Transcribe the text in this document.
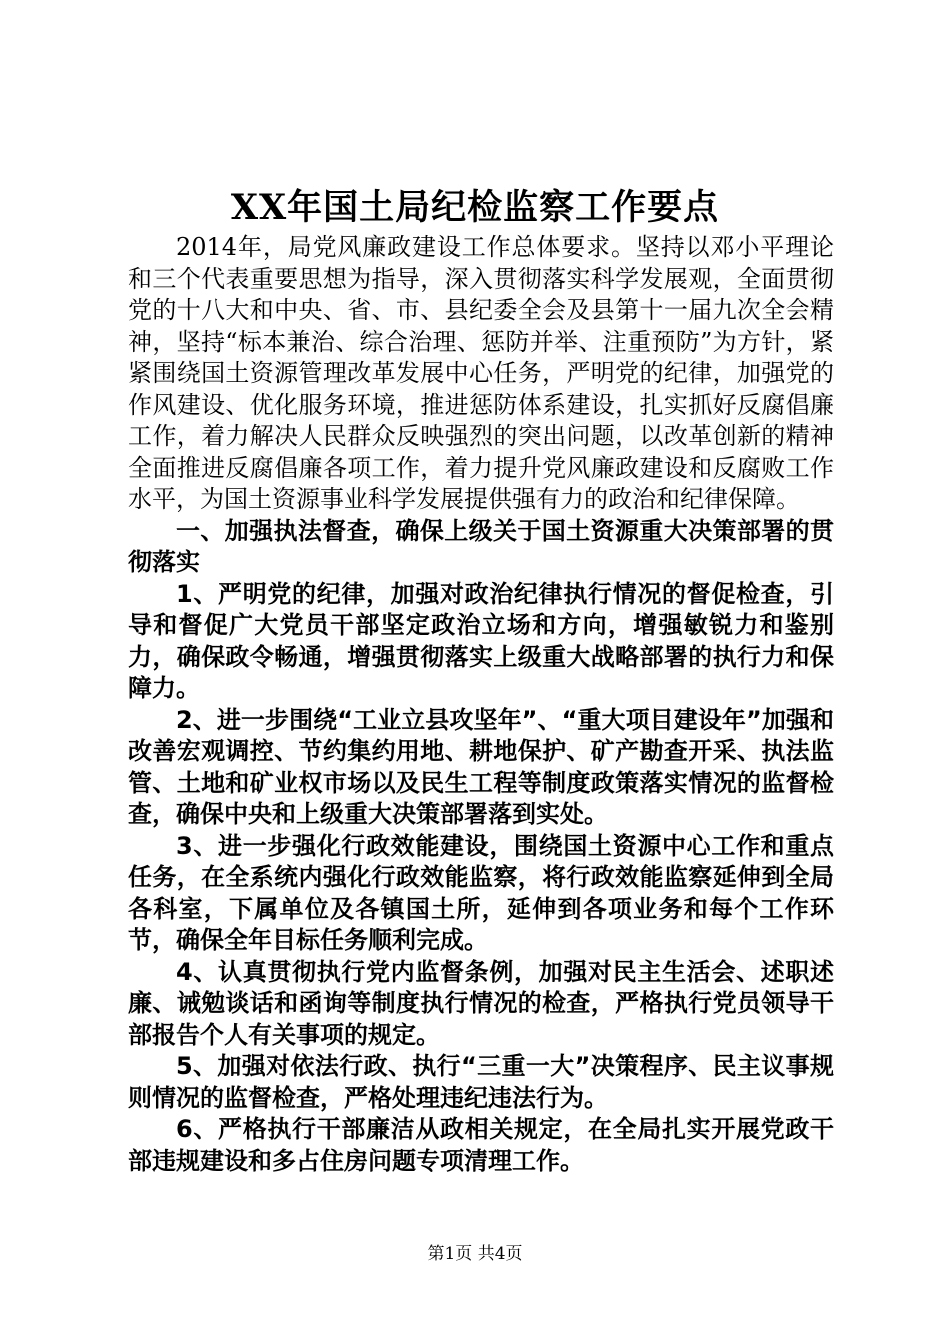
XX年国土局纪检监察工作要点

2014年，局党风廉政建设工作总体要求。坚持以邓小平理论和三个代表重要思想为指导，深入贯彻落实科学发展观，全面贯彻党的十八大和中央、省、市、县纪委全会及县第十一届九次全会精神，坚持“标本兼治、综合治理、惩防并举、注重预防”为方针，紧紧围绕国土资源管理改革发展中心任务，严明党的纪律，加强党的作风建设、优化服务环境，推进惩防体系建设，扎实抓好反腐倡廉工作，着力解决人民群众反映强烈的突出问题，以改革创新的精神全面推进反腐倡廉各项工作，着力提升党风廉政建设和反腐败工作水平，为国土资源事业科学发展提供强有力的政治和纪律保障。

一、加强执法督查，确保上级关于国土资源重大决策部署的贯彻落实

1、严明党的纪律，加强对政治纪律执行情况的督促检查，引导和督促广大党员干部坚定政治立场和方向，增强敏锐力和鉴别力，确保政令畅通，增强贯彻落实上级重大战略部署的执行力和保障力。

2、进一步围绕“工业立县攻坚年”、“重大项目建设年”加强和改善宏观调控、节约集约用地、耕地保护、矿产勘查开采、执法监管、土地和矿业权市场以及民生工程等制度政策落实情况的监督检查，确保中央和上级重大决策部署落到实处。

3、进一步强化行政效能建设，围绕国土资源中心工作和重点任务，在全系统内强化行政效能监察，将行政效能监察延伸到全局各科室，下属单位及各镇国土所，延伸到各项业务和每个工作环节，确保全年目标任务顺利完成。

4、认真贯彻执行党内监督条例，加强对民主生活会、述职述廉、诫勉谈话和函询等制度执行情况的检查，严格执行党员领导干部报告个人有关事项的规定。

5、加强对依法行政、执行“三重一大”决策程序、民主议事规则情况的监督检查，严格处理违纪违法行为。

6、严格执行干部廉洁从政相关规定，在全局扎实开展党政干部违规建设和多占住房问题专项清理工作。

第1页 共4页
